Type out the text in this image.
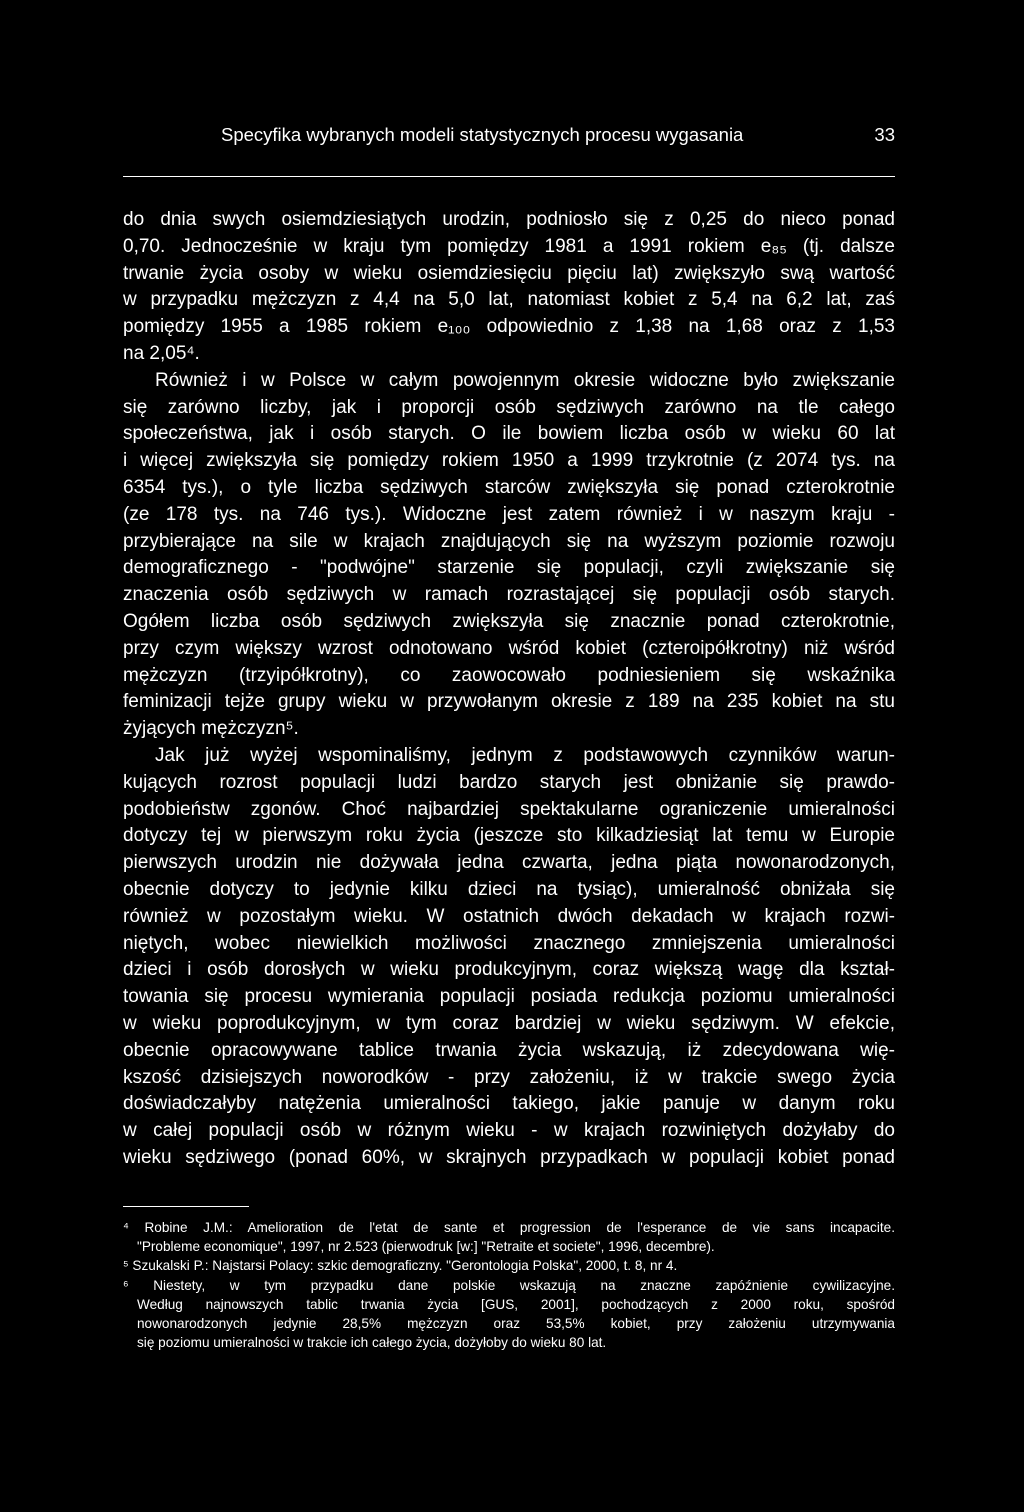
Specyfika wybranych modeli statystycznych procesu wygasania	33
do dnia swych osiemdziesiątych urodzin, podniosło się z 0,25 do nieco ponad
0,70. Jednocześnie w kraju tym pomiędzy 1981 a 1991 rokiem e₈₅ (tj. dalsze
trwanie życia osoby w wieku osiemdziesięciu pięciu lat) zwiększyło swą wartość
w przypadku mężczyzn z 4,4 na 5,0 lat, natomiast kobiet z 5,4 na 6,2 lat, zaś
pomiędzy 1955 a 1985 rokiem e₁₀₀ odpowiednio z 1,38 na 1,68 oraz z 1,53
na 2,05⁴.
Również i w Polsce w całym powojennym okresie widoczne było zwiększanie
się zarówno liczby, jak i proporcji osób sędziwych zarówno na tle całego
społeczeństwa, jak i osób starych. O ile bowiem liczba osób w wieku 60 lat
i więcej zwiększyła się pomiędzy rokiem 1950 a 1999 trzykrotnie (z 2074 tys. na
6354 tys.), o tyle liczba sędziwych starców zwiększyła się ponad czterokrotnie
(ze 178 tys. na 746 tys.). Widoczne jest zatem również i w naszym kraju -
przybierające na sile w krajach znajdujących się na wyższym poziomie rozwoju
demograficznego - "podwójne" starzenie się populacji, czyli zwiększanie się
znaczenia osób sędziwych w ramach rozrastającej się populacji osób starych.
Ogółem liczba osób sędziwych zwiększyła się znacznie ponad czterokrotnie,
przy czym większy wzrost odnotowano wśród kobiet (czteroipółkrotny) niż wśród
mężczyzn (trzyipółkrotny), co zaowocowało podniesieniem się wskaźnika
feminizacji tejże grupy wieku w przywołanym okresie z 189 na 235 kobiet na stu
żyjących mężczyzn⁵.
Jak już wyżej wspominaliśmy, jednym z podstawowych czynników warun-
kujących rozrost populacji ludzi bardzo starych jest obniżanie się prawdo-
podobieństw zgonów. Choć najbardziej spektakularne ograniczenie umieralności
dotyczy tej w pierwszym roku życia (jeszcze sto kilkadziesiąt lat temu w Europie
pierwszych urodzin nie dożywała jedna czwarta, jedna piąta nowonarodzonych,
obecnie dotyczy to jedynie kilku dzieci na tysiąc), umieralność obniżała się
również w pozostałym wieku. W ostatnich dwóch dekadach w krajach rozwi-
niętych, wobec niewielkich możliwości znacznego zmniejszenia umieralności
dzieci i osób dorosłych w wieku produkcyjnym, coraz większą wagę dla kształ-
towania się procesu wymierania populacji posiada redukcja poziomu umieralności
w wieku poprodukcyjnym, w tym coraz bardziej w wieku sędziwym. W efekcie,
obecnie opracowywane tablice trwania życia wskazują, iż zdecydowana wię-
kszość dzisiejszych noworodków - przy założeniu, iż w trakcie swego życia
doświadczałyby natężenia umieralności takiego, jakie panuje w danym roku
w całej populacji osób w różnym wieku - w krajach rozwiniętych dożyłaby do
wieku sędziwego (ponad 60%, w skrajnych przypadkach w populacji kobiet ponad
⁴ Robine J.M.: Amelioration de l'etat de sante et progression de l'esperance de vie sans incapacite.
"Probleme economique", 1997, nr 2.523 (pierwodruk [w:] "Retraite et societe", 1996, decembre).
⁵ Szukalski P.: Najstarsi Polacy: szkic demograficzny. "Gerontologia Polska", 2000, t. 8, nr 4.
⁶ Niestety, w tym przypadku dane polskie wskazują na znaczne zapóźnienie cywilizacyjne.
Według najnowszych tablic trwania życia [GUS, 2001], pochodzących z 2000 roku, spośród
nowonarodzonych jedynie 28,5% mężczyzn oraz 53,5% kobiet, przy założeniu utrzymywania
się poziomu umieralności w trakcie ich całego życia, dożyłoby do wieku 80 lat.
